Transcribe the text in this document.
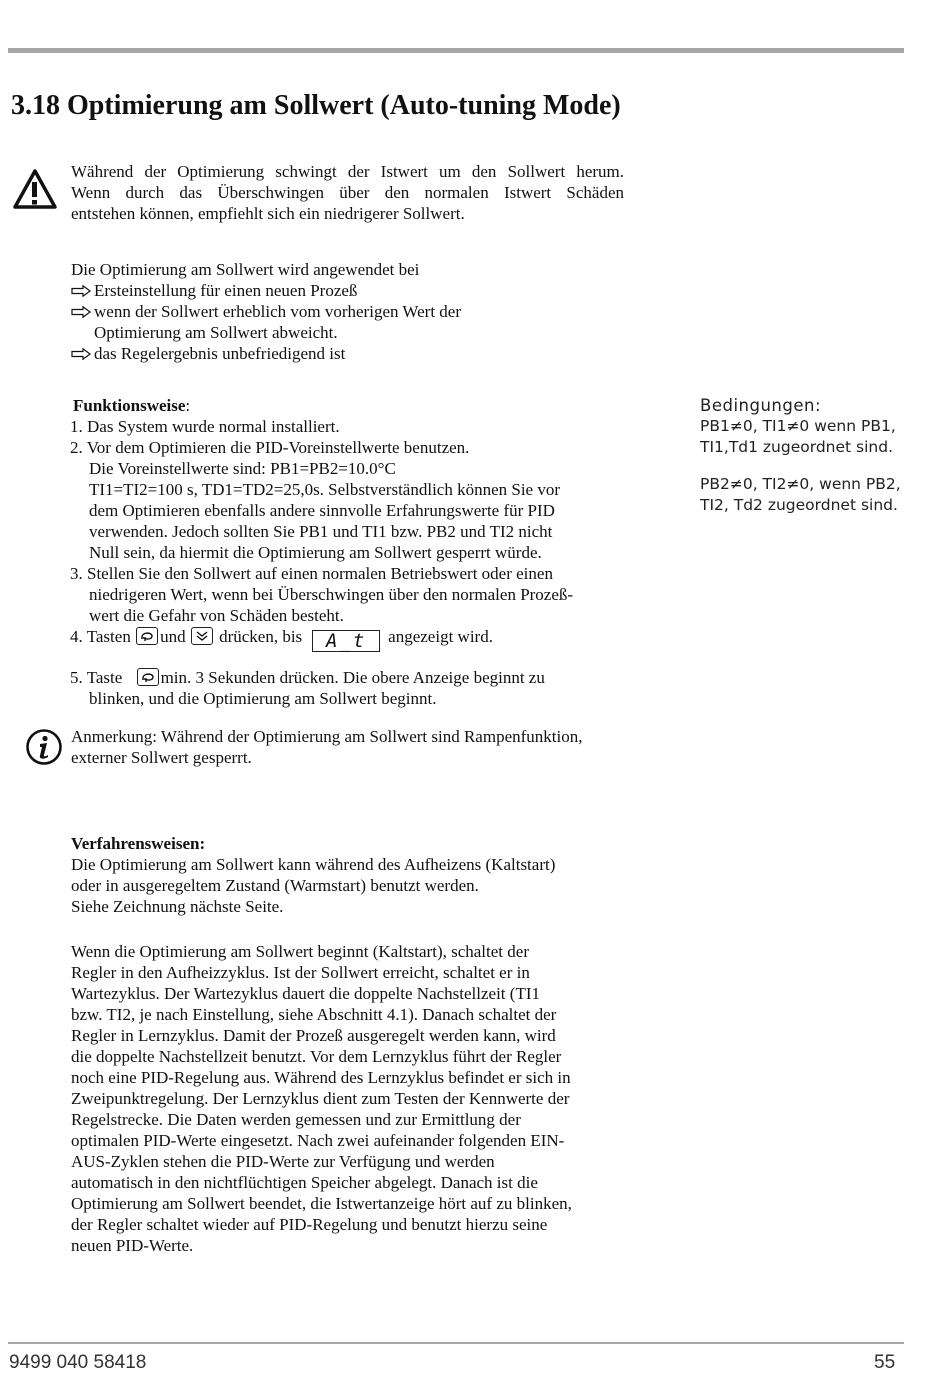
3.18 Optimierung am Sollwert (Auto-tuning Mode)
Während der Optimierung schwingt der Istwert um den Sollwert herum.
Wenn durch das Überschwingen über den normalen Istwert Schäden
entstehen können, empfiehlt sich ein niedrigerer Sollwert.
Die Optimierung am Sollwert wird angewendet bei
Ersteinstellung für einen neuen Prozeß
wenn der Sollwert erheblich vom vorherigen Wert der
Optimierung am Sollwert abweicht.
das Regelergebnis unbefriedigend ist
Funktionsweise:
1. Das System wurde normal installiert.
2. Vor dem Optimieren die PID-Voreinstellwerte benutzen.
Die Voreinstellwerte sind: PB1=PB2=10.0°C
TI1=TI2=100 s, TD1=TD2=25,0s. Selbstverständlich können Sie vor
dem Optimieren ebenfalls andere sinnvolle Erfahrungswerte für PID
verwenden. Jedoch sollten Sie PB1 und TI1 bzw. PB2 und TI2 nicht
Null sein, da hiermit die Optimierung am Sollwert gesperrt würde.
3. Stellen Sie den Sollwert auf einen normalen Betriebswert oder einen
niedrigeren Wert, wenn bei Überschwingen über den normalen Prozeß-
wert die Gefahr von Schäden besteht.
4. Tasten und drücken, bis A_t angezeigt wird.
5. Taste min. 3 Sekunden drücken. Die obere Anzeige beginnt zu
blinken, und die Optimierung am Sollwert beginnt.
Bedingungen:
PB1≠0, TI1≠0 wenn PB1,
TI1,Td1 zugeordnet sind.
PB2≠0, TI2≠0, wenn PB2,
TI2, Td2 zugeordnet sind.
Anmerkung: Während der Optimierung am Sollwert sind Rampenfunktion,
externer Sollwert gesperrt.
Verfahrensweisen:
Die Optimierung am Sollwert kann während des Aufheizens (Kaltstart)
oder in ausgeregeltem Zustand (Warmstart) benutzt werden.
Siehe Zeichnung nächste Seite.
Wenn die Optimierung am Sollwert beginnt (Kaltstart), schaltet der
Regler in den Aufheizzyklus. Ist der Sollwert erreicht, schaltet er in
Wartezyklus. Der Wartezyklus dauert die doppelte Nachstellzeit (TI1
bzw. TI2, je nach Einstellung, siehe Abschnitt 4.1). Danach schaltet der
Regler in Lernzyklus. Damit der Prozeß ausgeregelt werden kann, wird
die doppelte Nachstellzeit benutzt. Vor dem Lernzyklus führt der Regler
noch eine PID-Regelung aus. Während des Lernzyklus befindet er sich in
Zweipunktregelung. Der Lernzyklus dient zum Testen der Kennwerte der
Regelstrecke. Die Daten werden gemessen und zur Ermittlung der
optimalen PID-Werte eingesetzt. Nach zwei aufeinander folgenden EIN-
AUS-Zyklen stehen die PID-Werte zur Verfügung und werden
automatisch in den nichtflüchtigen Speicher abgelegt. Danach ist die
Optimierung am Sollwert beendet, die Istwertanzeige hört auf zu blinken,
der Regler schaltet wieder auf PID-Regelung und benutzt hierzu seine
neuen PID-Werte.
9499 040 58418	55
